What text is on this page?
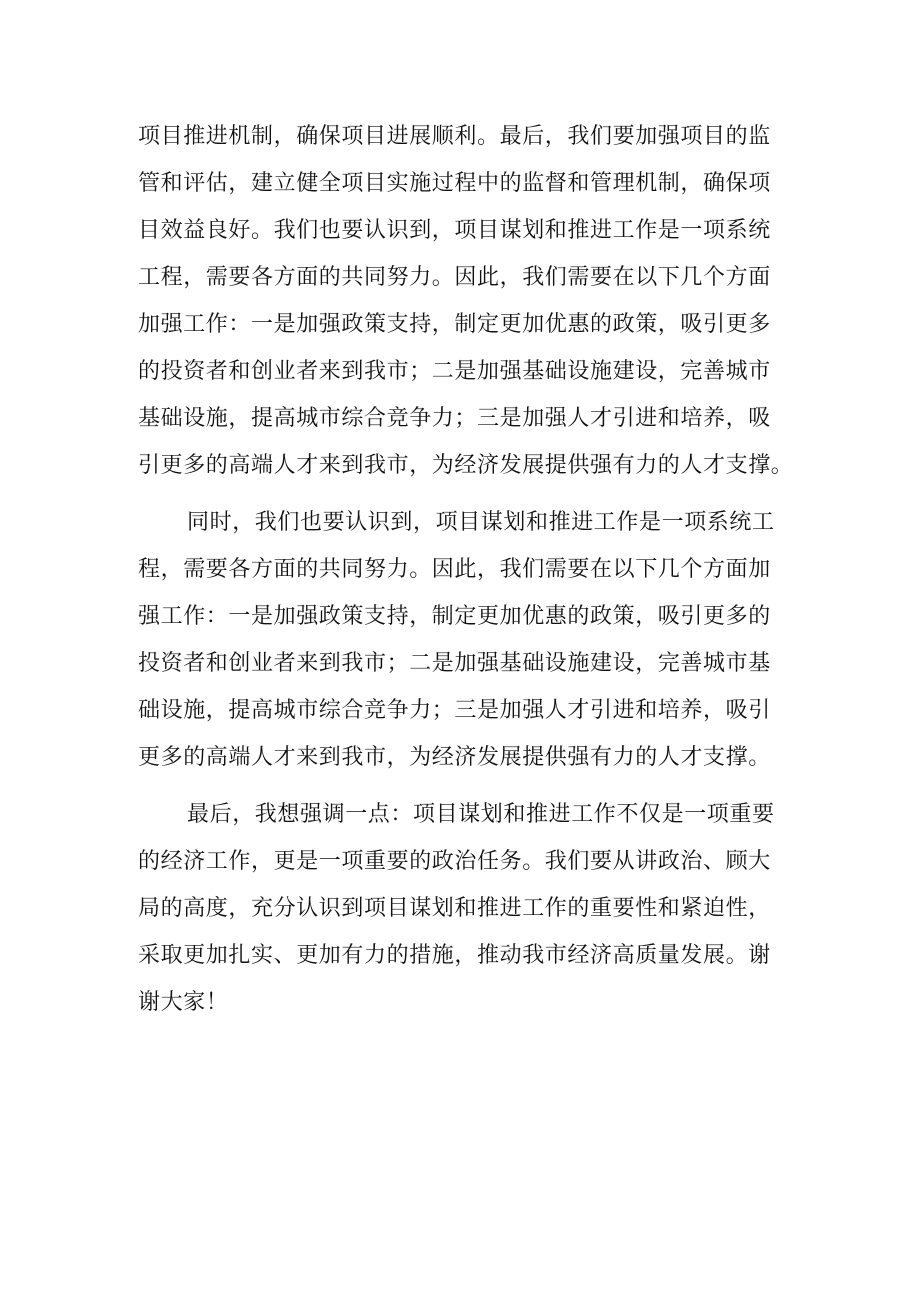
项目推进机制，确保项目进展顺利。最后，我们要加强项目的监
管和评估，建立健全项目实施过程中的监督和管理机制，确保项
目效益良好。我们也要认识到，项目谋划和推进工作是一项系统
工程，需要各方面的共同努力。因此，我们需要在以下几个方面
加强工作：一是加强政策支持，制定更加优惠的政策，吸引更多
的投资者和创业者来到我市；二是加强基础设施建设，完善城市
基础设施，提高城市综合竞争力；三是加强人才引进和培养，吸
引更多的高端人才来到我市，为经济发展提供强有力的人才支撑。
同时，我们也要认识到，项目谋划和推进工作是一项系统工
程，需要各方面的共同努力。因此，我们需要在以下几个方面加
强工作：一是加强政策支持，制定更加优惠的政策，吸引更多的
投资者和创业者来到我市；二是加强基础设施建设，完善城市基
础设施，提高城市综合竞争力；三是加强人才引进和培养，吸引
更多的高端人才来到我市，为经济发展提供强有力的人才支撑。
最后，我想强调一点：项目谋划和推进工作不仅是一项重要
的经济工作，更是一项重要的政治任务。我们要从讲政治、顾大
局的高度，充分认识到项目谋划和推进工作的重要性和紧迫性，
采取更加扎实、更加有力的措施，推动我市经济高质量发展。谢
谢大家！
